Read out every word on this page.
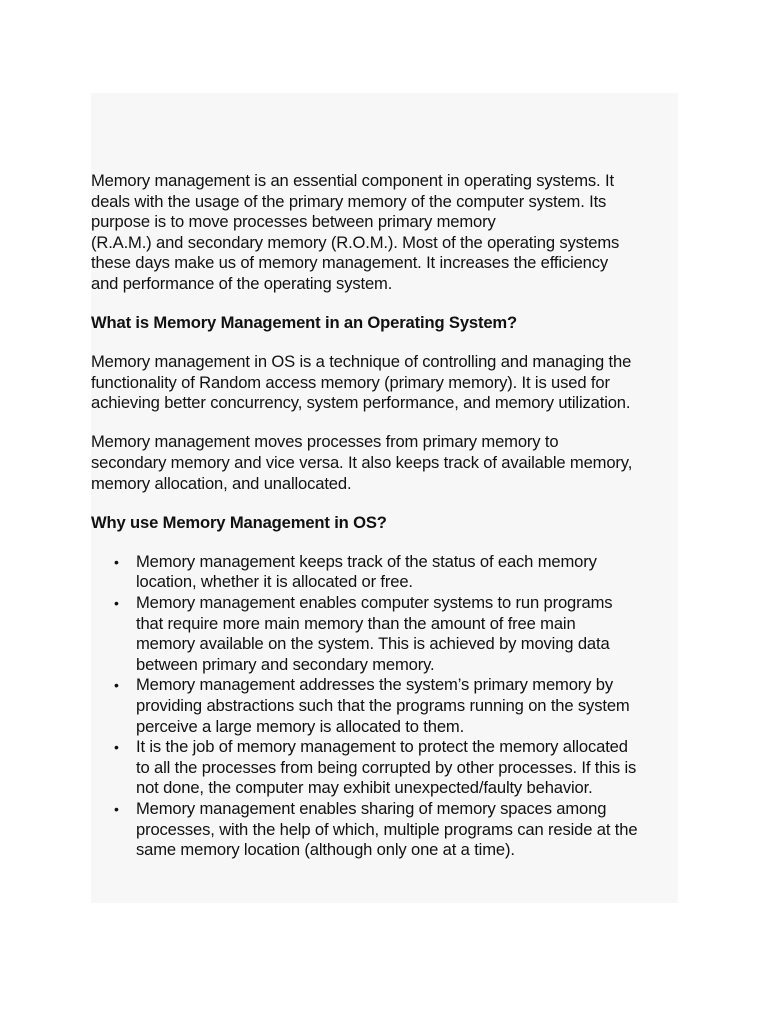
Memory management is an essential component in operating systems. It
deals with the usage of the primary memory of the computer system. Its
purpose is to move processes between primary memory
(R.A.M.) and secondary memory (R.O.M.). Most of the operating systems
these days make us of memory management. It increases the efficiency
and performance of the operating system.

What is Memory Management in an Operating System?

Memory management in OS is a technique of controlling and managing the
functionality of Random access memory (primary memory). It is used for
achieving better concurrency, system performance, and memory utilization.

Memory management moves processes from primary memory to
secondary memory and vice versa. It also keeps track of available memory,
memory allocation, and unallocated.

Why use Memory Management in OS?
• Memory management keeps track of the status of each memory
location, whether it is allocated or free.
• Memory management enables computer systems to run programs
that require more main memory than the amount of free main
memory available on the system. This is achieved by moving data
between primary and secondary memory.
• Memory management addresses the system’s primary memory by
providing abstractions such that the programs running on the system
perceive a large memory is allocated to them.
• It is the job of memory management to protect the memory allocated
to all the processes from being corrupted by other processes. If this is
not done, the computer may exhibit unexpected/faulty behavior.
• Memory management enables sharing of memory spaces among
processes, with the help of which, multiple programs can reside at the
same memory location (although only one at a time).
